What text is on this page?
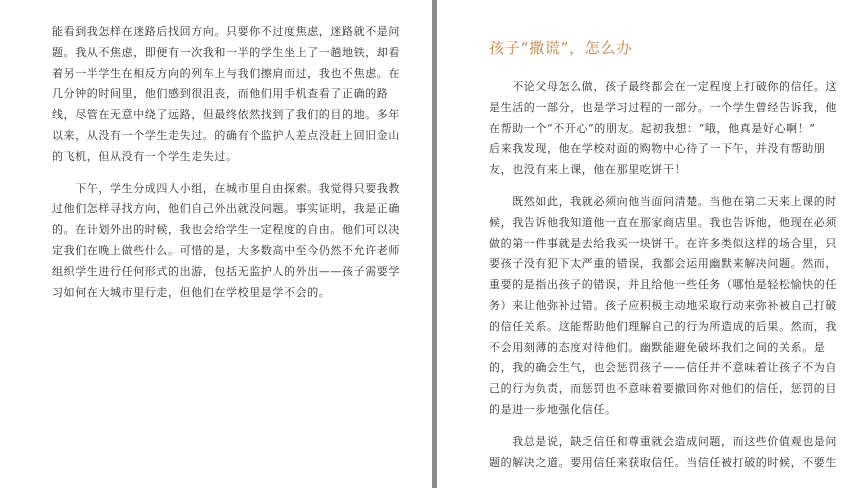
能看到我怎样在迷路后找回方向。只要你不过度焦虑，迷路就不是问
题。我从不焦虑，即便有一次我和一半的学生坐上了一趟地铁，却看
着另一半学生在相反方向的列车上与我们擦肩而过，我也不焦虑。在
几分钟的时间里，他们感到很沮丧，而他们用手机查看了正确的路
线，尽管在无意中绕了远路，但最终依然找到了我们的目的地。多年
以来，从没有一个学生走失过。的确有个监护人差点没赶上回旧金山
的飞机，但从没有一个学生走失过。
　　下午，学生分成四人小组，在城市里自由探索。我觉得只要我教
过他们怎样寻找方向，他们自己外出就没问题。事实证明，我是正确
的。在计划外出的时候，我也会给学生一定程度的自由。他们可以决
定我们在晚上做些什么。可惜的是，大多数高中至今仍然不允许老师
组织学生进行任何形式的出游，包括无监护人的外出——孩子需要学
习如何在大城市里行走，但他们在学校里是学不会的。
孩子“撒谎”，怎么办
　　不论父母怎么做，孩子最终都会在一定程度上打破你的信任。这
是生活的一部分，也是学习过程的一部分。一个学生曾经告诉我，他
在帮助一个“不开心”的朋友。起初我想：“哦，他真是好心啊！”
后来我发现，他在学校对面的购物中心待了一下午，并没有帮助朋
友，也没有来上课，他在那里吃饼干！
　　既然如此，我就必须向他当面问清楚。当他在第二天来上课的时
候，我告诉他我知道他一直在那家商店里。我也告诉他，他现在必须
做的第一件事就是去给我买一块饼干。在许多类似这样的场合里，只
要孩子没有犯下太严重的错误，我都会运用幽默来解决问题。然而，
重要的是指出孩子的错误，并且给他一些任务（哪怕是轻松愉快的任
务）来让他弥补过错。孩子应积极主动地采取行动来弥补被自己打破
的信任关系。这能帮助他们理解自己的行为所造成的后果。然而，我
不会用刻薄的态度对待他们。幽默能避免破坏我们之间的关系。是
的，我的确会生气，也会惩罚孩子——信任并不意味着让孩子不为自
己的行为负责，而惩罚也不意味着要撤回你对他们的信任，惩罚的目
的是进一步地强化信任。
　　我总是说，缺乏信任和尊重就会造成问题，而这些价值观也是问
题的解决之道。要用信任来获取信任。当信任被打破的时候，不要生
